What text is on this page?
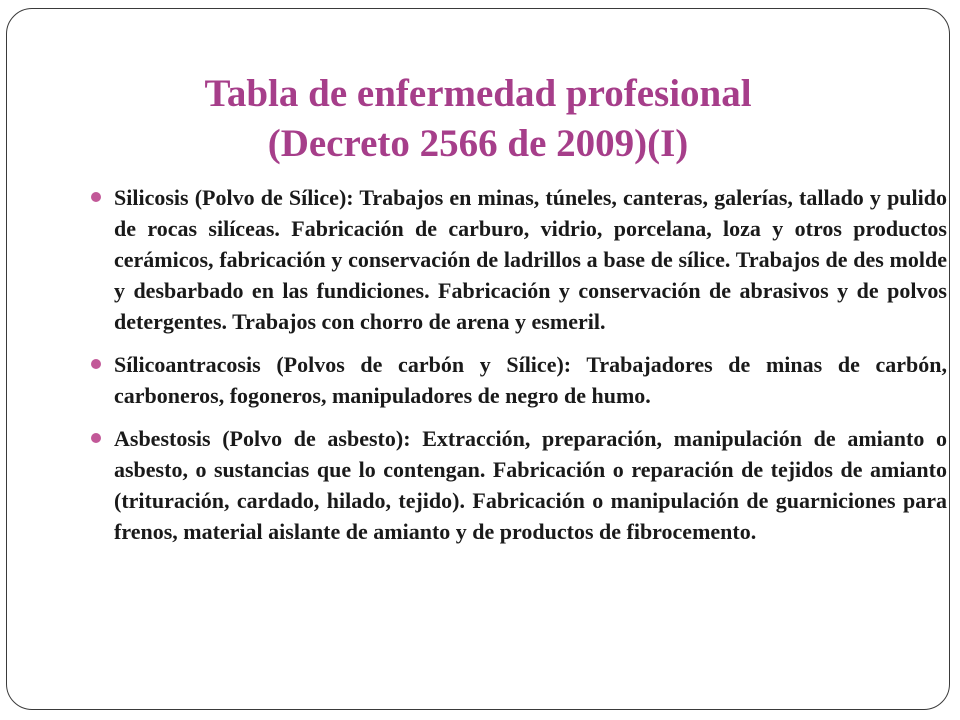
Tabla de enfermedad profesional
(Decreto 2566 de 2009)(I)
Silicosis (Polvo de Sílice): Trabajos en minas, túneles, canteras, galerías, tallado y pulido de rocas silíceas. Fabricación de carburo, vidrio, porcelana, loza y otros productos cerámicos, fabricación y conservación de ladrillos a base de sílice. Trabajos de des molde y desbarbado en las fundiciones. Fabricación y conservación de abrasivos y de polvos detergentes. Trabajos con chorro de arena y esmeril.
Sílicoantracosis (Polvos de carbón y Sílice): Trabajadores de minas de carbón, carboneros, fogoneros, manipuladores de negro de humo.
Asbestosis (Polvo de asbesto): Extracción, preparación, manipulación de amianto o asbesto, o sustancias que lo contengan. Fabricación o reparación de tejidos de amianto (trituración, cardado, hilado, tejido). Fabricación o manipulación de guarniciones para frenos, material aislante de amianto y de productos de fibrocemento.
